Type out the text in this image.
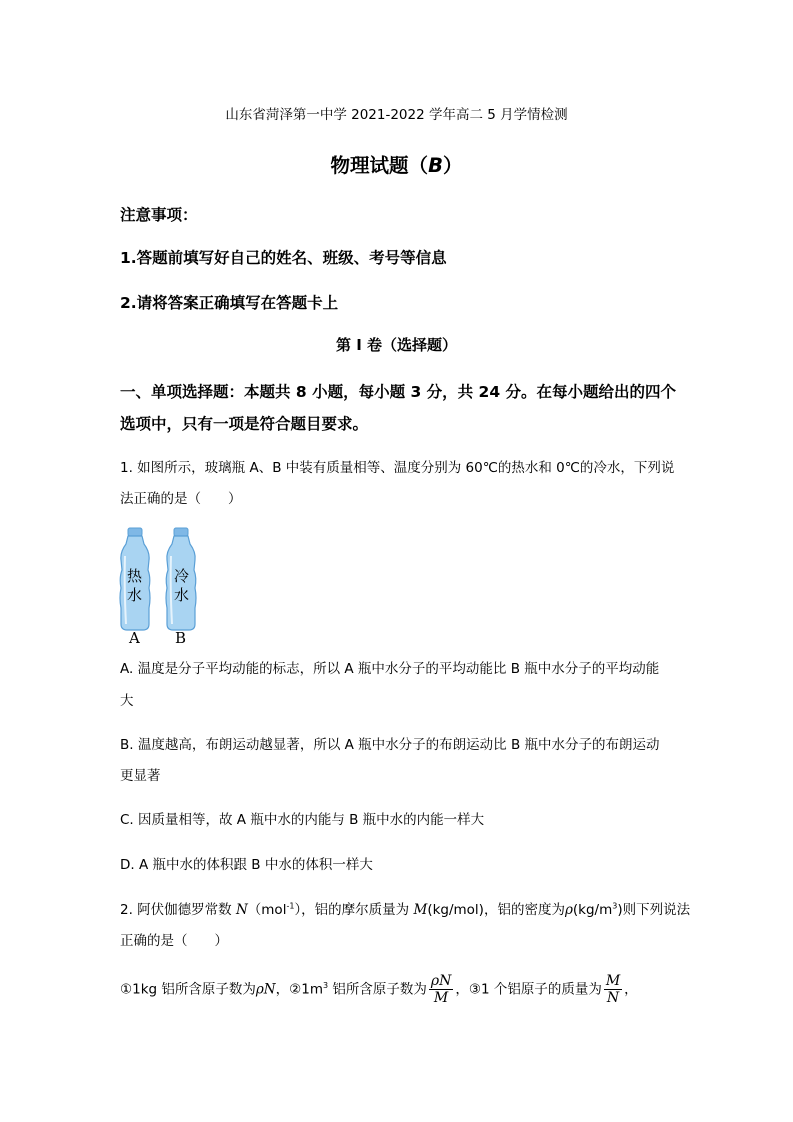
山东省菏泽第一中学 2021-2022 学年高二 5 月学情检测
物理试题（B）
注意事项：
1.答题前填写好自己的姓名、班级、考号等信息
2.请将答案正确填写在答题卡上
第 I 卷（选择题）
一、单项选择题：本题共 8 小题，每小题 3 分，共 24 分。在每小题给出的四个
选项中，只有一项是符合题目要求。
1. 如图所示，玻璃瓶 A、B 中装有质量相等、温度分别为 60℃的热水和 0℃的冷水，下列说
法正确的是（　　）
热
水
冷
水
A B
A. 温度是分子平均动能的标志，所以 A 瓶中水分子的平均动能比 B 瓶中水分子的平均动能
大
B. 温度越高，布朗运动越显著，所以 A 瓶中水分子的布朗运动比 B 瓶中水分子的布朗运动
更显著
C. 因质量相等，故 A 瓶中水的内能与 B 瓶中水的内能一样大
D. A 瓶中水的体积跟 B 中水的体积一样大
2. 阿伏伽德罗常数 N（mol$^{-1}$），铝的摩尔质量为 M(kg/mol)，铝的密度为$\rho(kg/m^3)$则下列说法
正确的是（　　）
①1kg 铝所含原子数为ρN，$②1m^3$ 铝所含原子数为 $\frac{\rho N}{M}$ ，③1 个铝原子的质量为 $\frac{M}{N}$ ，
